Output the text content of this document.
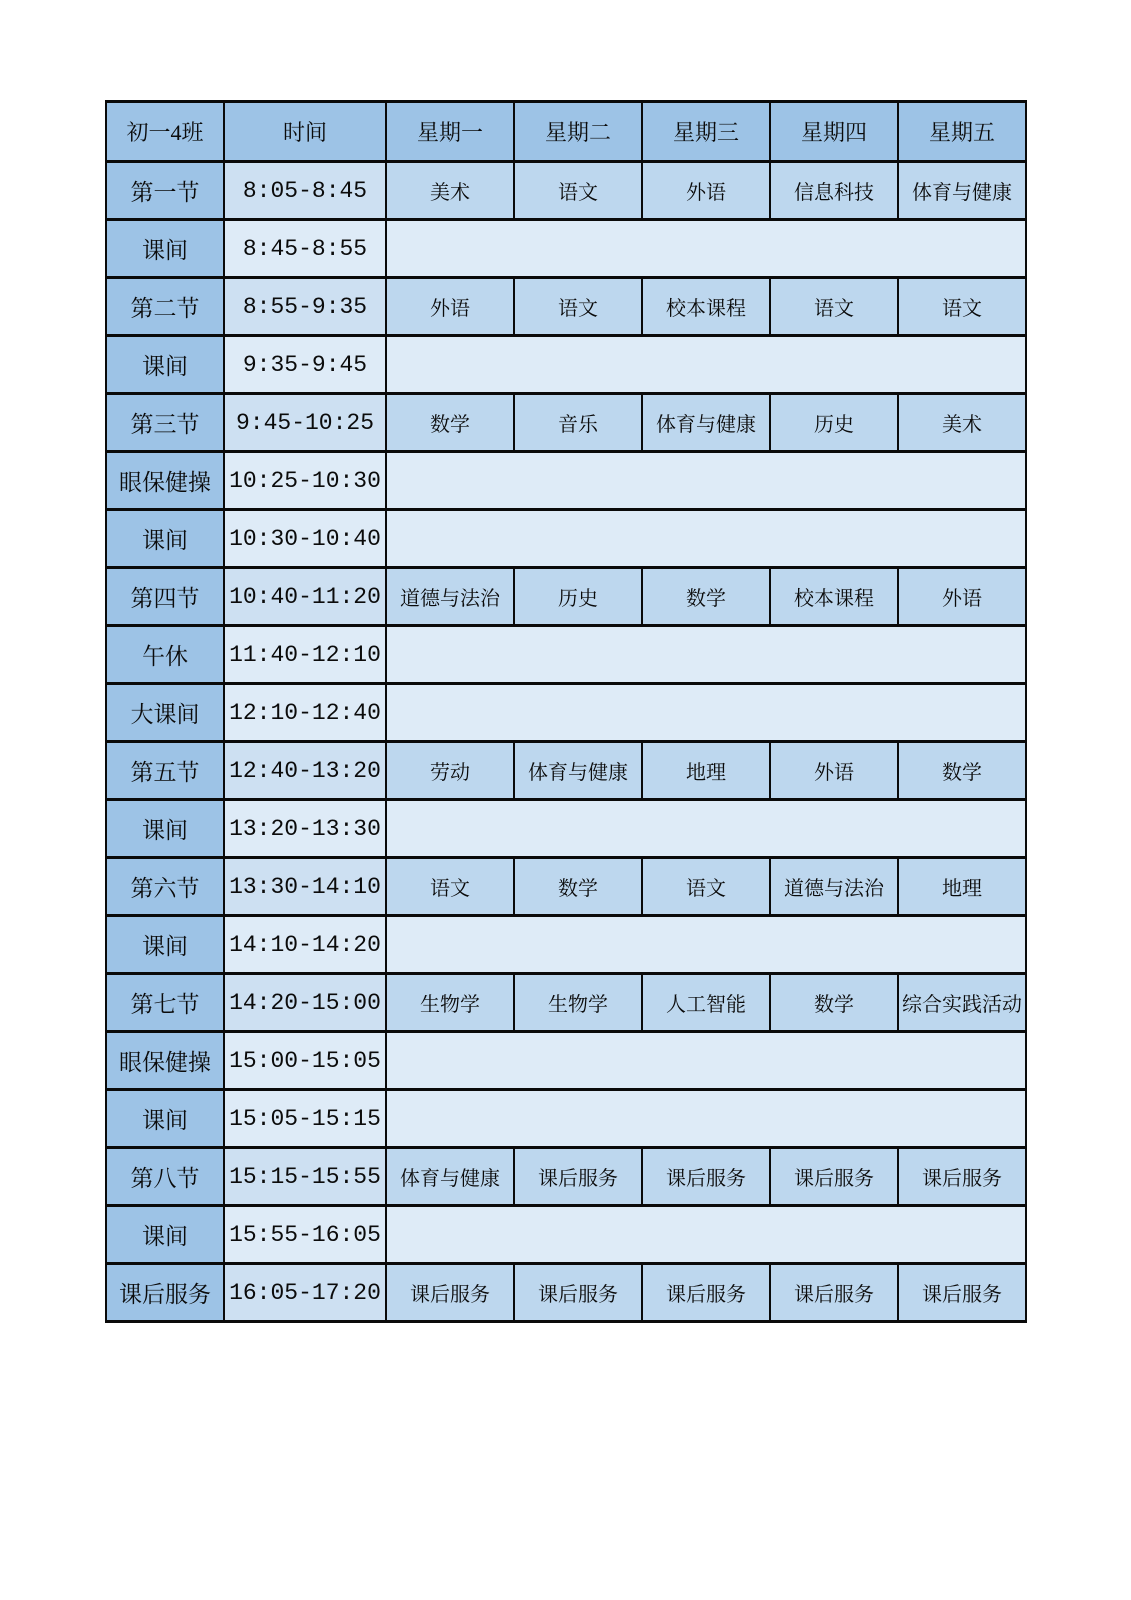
初一4班	时间	星期一	星期二	星期三	星期四	星期五
第一节	8:05-8:45	美术	语文	外语	信息科技	体育与健康
课间	8:45-8:55					
第二节	8:55-9:35	外语	语文	校本课程	语文	语文
课间	9:35-9:45					
第三节	9:45-10:25	数学	音乐	体育与健康	历史	美术
眼保健操	10:25-10:30					
课间	10:30-10:40					
第四节	10:40-11:20	道德与法治	历史	数学	校本课程	外语
午休	11:40-12:10					
大课间	12:10-12:40					
第五节	12:40-13:20	劳动	体育与健康	地理	外语	数学
课间	13:20-13:30					
第六节	13:30-14:10	语文	数学	语文	道德与法治	地理
课间	14:10-14:20					
第七节	14:20-15:00	生物学	生物学	人工智能	数学	综合实践活动
眼保健操	15:00-15:05					
课间	15:05-15:15					
第八节	15:15-15:55	体育与健康	课后服务	课后服务	课后服务	课后服务
课间	15:55-16:05					
课后服务	16:05-17:20	课后服务	课后服务	课后服务	课后服务	课后服务
